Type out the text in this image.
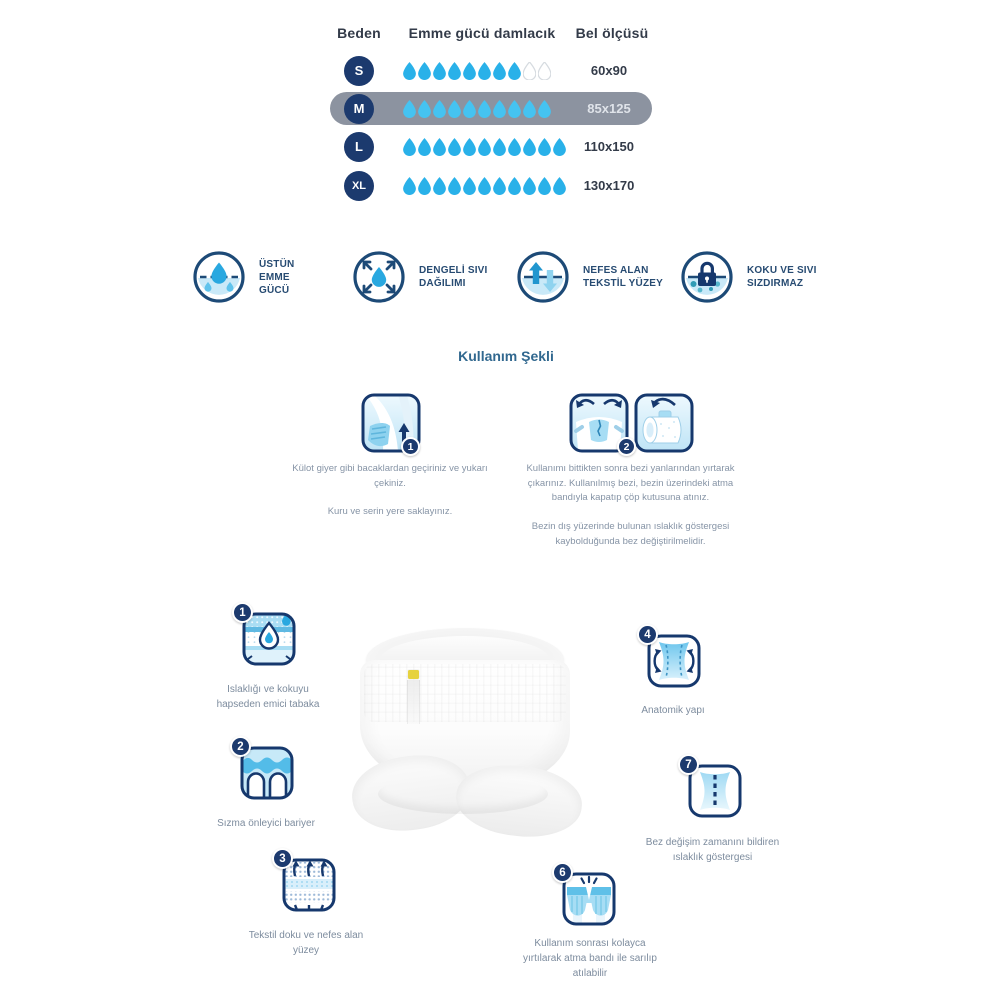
Beden	Emme gücü damlacık	Bel ölçüsü
S	60x90
M	85x125
L	110x150
XL	130x170
ÜSTÜN EMME GÜCÜ
DENGELİ SIVI DAĞILIMI
NEFES ALAN TEKSTİL YÜZEY
KOKU VE SIVI SIZDIRMAZ
Kullanım Şekli
1	2

Külot giyer gibi bacaklardan geçiriniz ve yukarı çekiniz.

Kuru ve serin yere saklayınız.

Kullanımı bittikten sonra bezi yanlarından yırtarak çıkarınız. Kullanılmış bezi, bezin üzerindeki atma bandıyla kapatıp çöp kutusuna atınız.

Bezin dış yüzerinde bulunan ıslaklık göstergesi kaybolduğunda bez değiştirilmelidir.

1
Islaklığı ve kokuyu hapseden emici tabaka
2
Sızma önleyici bariyer
3
Tekstil doku ve nefes alan yüzey
4
Anatomik yapı
7
Bez değişim zamanını bildiren ıslaklık göstergesi
6
Kullanım sonrası kolayca yırtılarak atma bandı ile sarılıp atılabilir
